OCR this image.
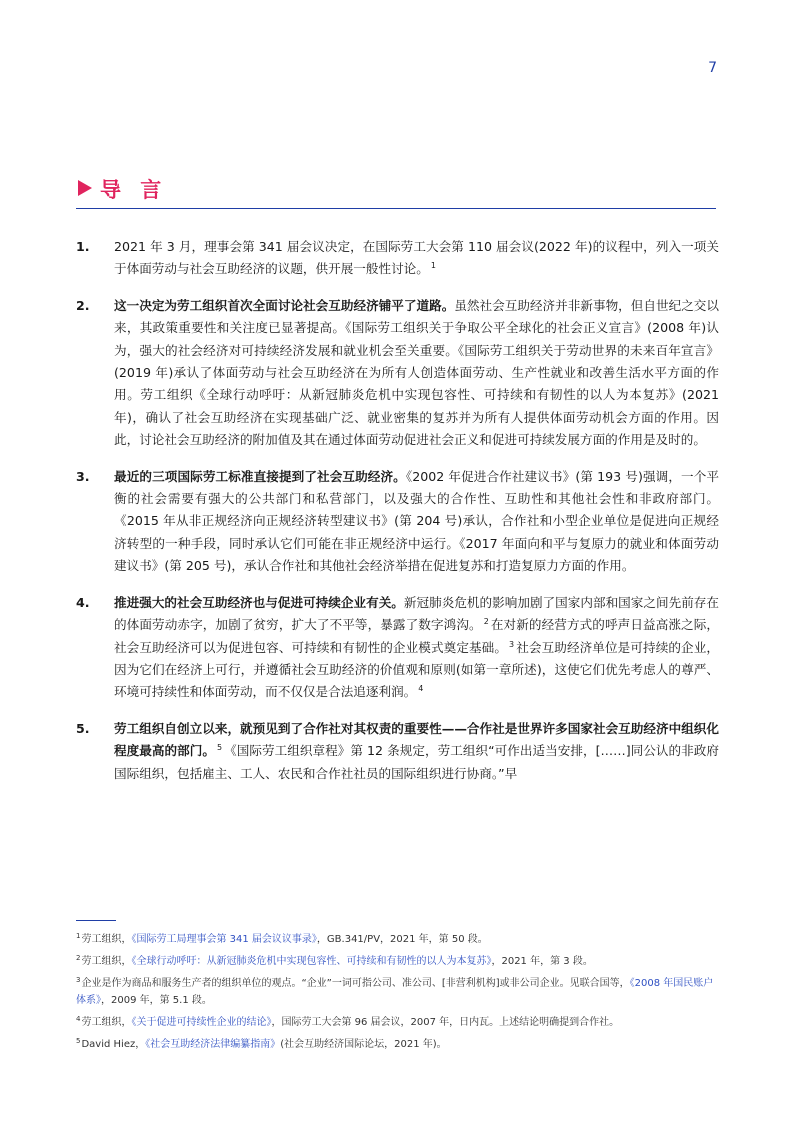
7
导 言
1. 2021 年 3 月，理事会第 341 届会议决定，在国际劳工大会第 110 届会议(2022 年)的议程中，列入一项关于体面劳动与社会互助经济的议题，供开展一般性讨论。 $^1$
2. 这一决定为劳工组织首次全面讨论社会互助经济铺平了道路。虽然社会互助经济并非新事物，但自世纪之交以来，其政策重要性和关注度已显著提高。《国际劳工组织关于争取公平全球化的社会正义宣言》(2008 年)认为，强大的社会经济对可持续经济发展和就业机会至关重要。《国际劳工组织关于劳动世界的未来百年宣言》(2019 年)承认了体面劳动与社会互助经济在为所有人创造体面劳动、生产性就业和改善生活水平方面的作用。劳工组织《全球行动呼吁：从新冠肺炎危机中实现包容性、可持续和有韧性的以人为本复苏》(2021 年)，确认了社会互助经济在实现基础广泛、就业密集的复苏并为所有人提供体面劳动机会方面的作用。因此，讨论社会互助经济的附加值及其在通过体面劳动促进社会正义和促进可持续发展方面的作用是及时的。
3. 最近的三项国际劳工标准直接提到了社会互助经济。《2002 年促进合作社建议书》(第 193 号)强调，一个平衡的社会需要有强大的公共部门和私营部门，以及强大的合作性、互助性和其他社会性和非政府部门。《2015 年从非正规经济向正规经济转型建议书》(第 204 号)承认，合作社和小型企业单位是促进向正规经济转型的一种手段，同时承认它们可能在非正规经济中运行。《2017 年面向和平与复原力的就业和体面劳动建议书》(第 205 号)，承认合作社和其他社会经济举措在促进复苏和打造复原力方面的作用。
4. 推进强大的社会互助经济也与促进可持续企业有关。新冠肺炎危机的影响加剧了国家内部和国家之间先前存在的体面劳动赤字，加剧了贫穷，扩大了不平等，暴露了数字鸿沟。 $^2$ 在对新的经营方式的呼声日益高涨之际，社会互助经济可以为促进包容、可持续和有韧性的企业模式奠定基础。 $^3$ 社会互助经济单位是可持续的企业，因为它们在经济上可行，并遵循社会互助经济的价值观和原则(如第一章所述)，这使它们优先考虑人的尊严、环境可持续性和体面劳动，而不仅仅是合法追逐利润。 $^4$
5. 劳工组织自创立以来，就预见到了合作社对其权责的重要性——合作社是世界许多国家社会互助经济中组织化程度最高的部门。 $^5$ 《国际劳工组织章程》第 12 条规定，劳工组织“可作出适当安排，[……]同公认的非政府国际组织，包括雇主、工人、农民和合作社社员的国际组织进行协商。”早
$^1$劳工组织，《国际劳工局理事会第 341 届会议议事录》，GB.341/PV，2021 年，第 50 段。
$^2$劳工组织，《全球行动呼吁：从新冠肺炎危机中实现包容性、可持续和有韧性的以人为本复苏》，2021 年，第 3 段。
$^3$企业是作为商品和服务生产者的组织单位的观点。“企业”一词可指公司、准公司、[非营利机构]或非公司企业。见联合国等，《2008 年国民账户体系》，2009 年，第 5.1 段。
$^4$劳工组织，《关于促进可持续性企业的结论》，国际劳工大会第 96 届会议，2007 年，日内瓦。上述结论明确提到合作社。
$^5$David Hiez，《社会互助经济法律编纂指南》(社会互助经济国际论坛，2021 年)。
